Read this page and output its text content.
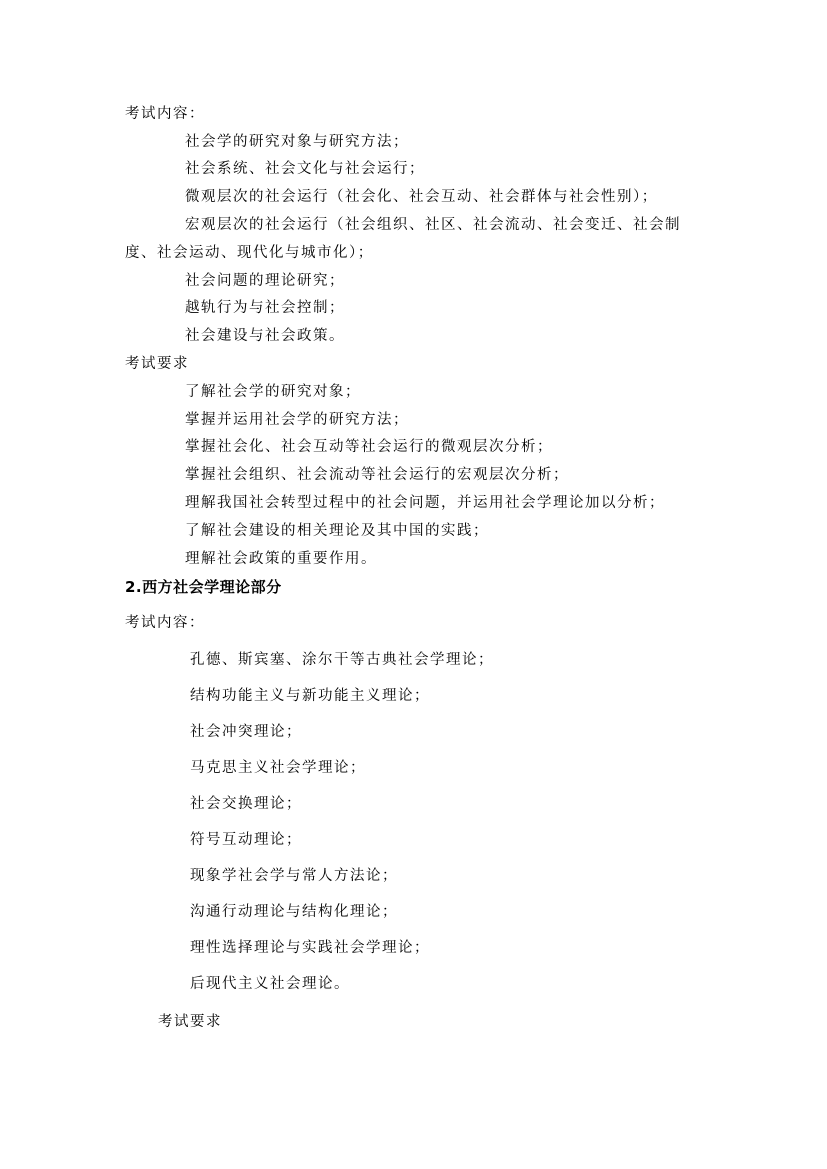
考试内容：
社会学的研究对象与研究方法；
社会系统、社会文化与社会运行；
微观层次的社会运行（社会化、社会互动、社会群体与社会性别）；
宏观层次的社会运行（社会组织、社区、社会流动、社会变迁、社会制
度、社会运动、现代化与城市化）；
社会问题的理论研究；
越轨行为与社会控制；
社会建设与社会政策。
考试要求
了解社会学的研究对象；
掌握并运用社会学的研究方法；
掌握社会化、社会互动等社会运行的微观层次分析；
掌握社会组织、社会流动等社会运行的宏观层次分析；
理解我国社会转型过程中的社会问题，并运用社会学理论加以分析；
了解社会建设的相关理论及其中国的实践；
理解社会政策的重要作用。
2.西方社会学理论部分
考试内容：
孔德、斯宾塞、涂尔干等古典社会学理论；
结构功能主义与新功能主义理论；
社会冲突理论；
马克思主义社会学理论；
社会交换理论；
符号互动理论；
现象学社会学与常人方法论；
沟通行动理论与结构化理论；
理性选择理论与实践社会学理论；
后现代主义社会理论。
考试要求
